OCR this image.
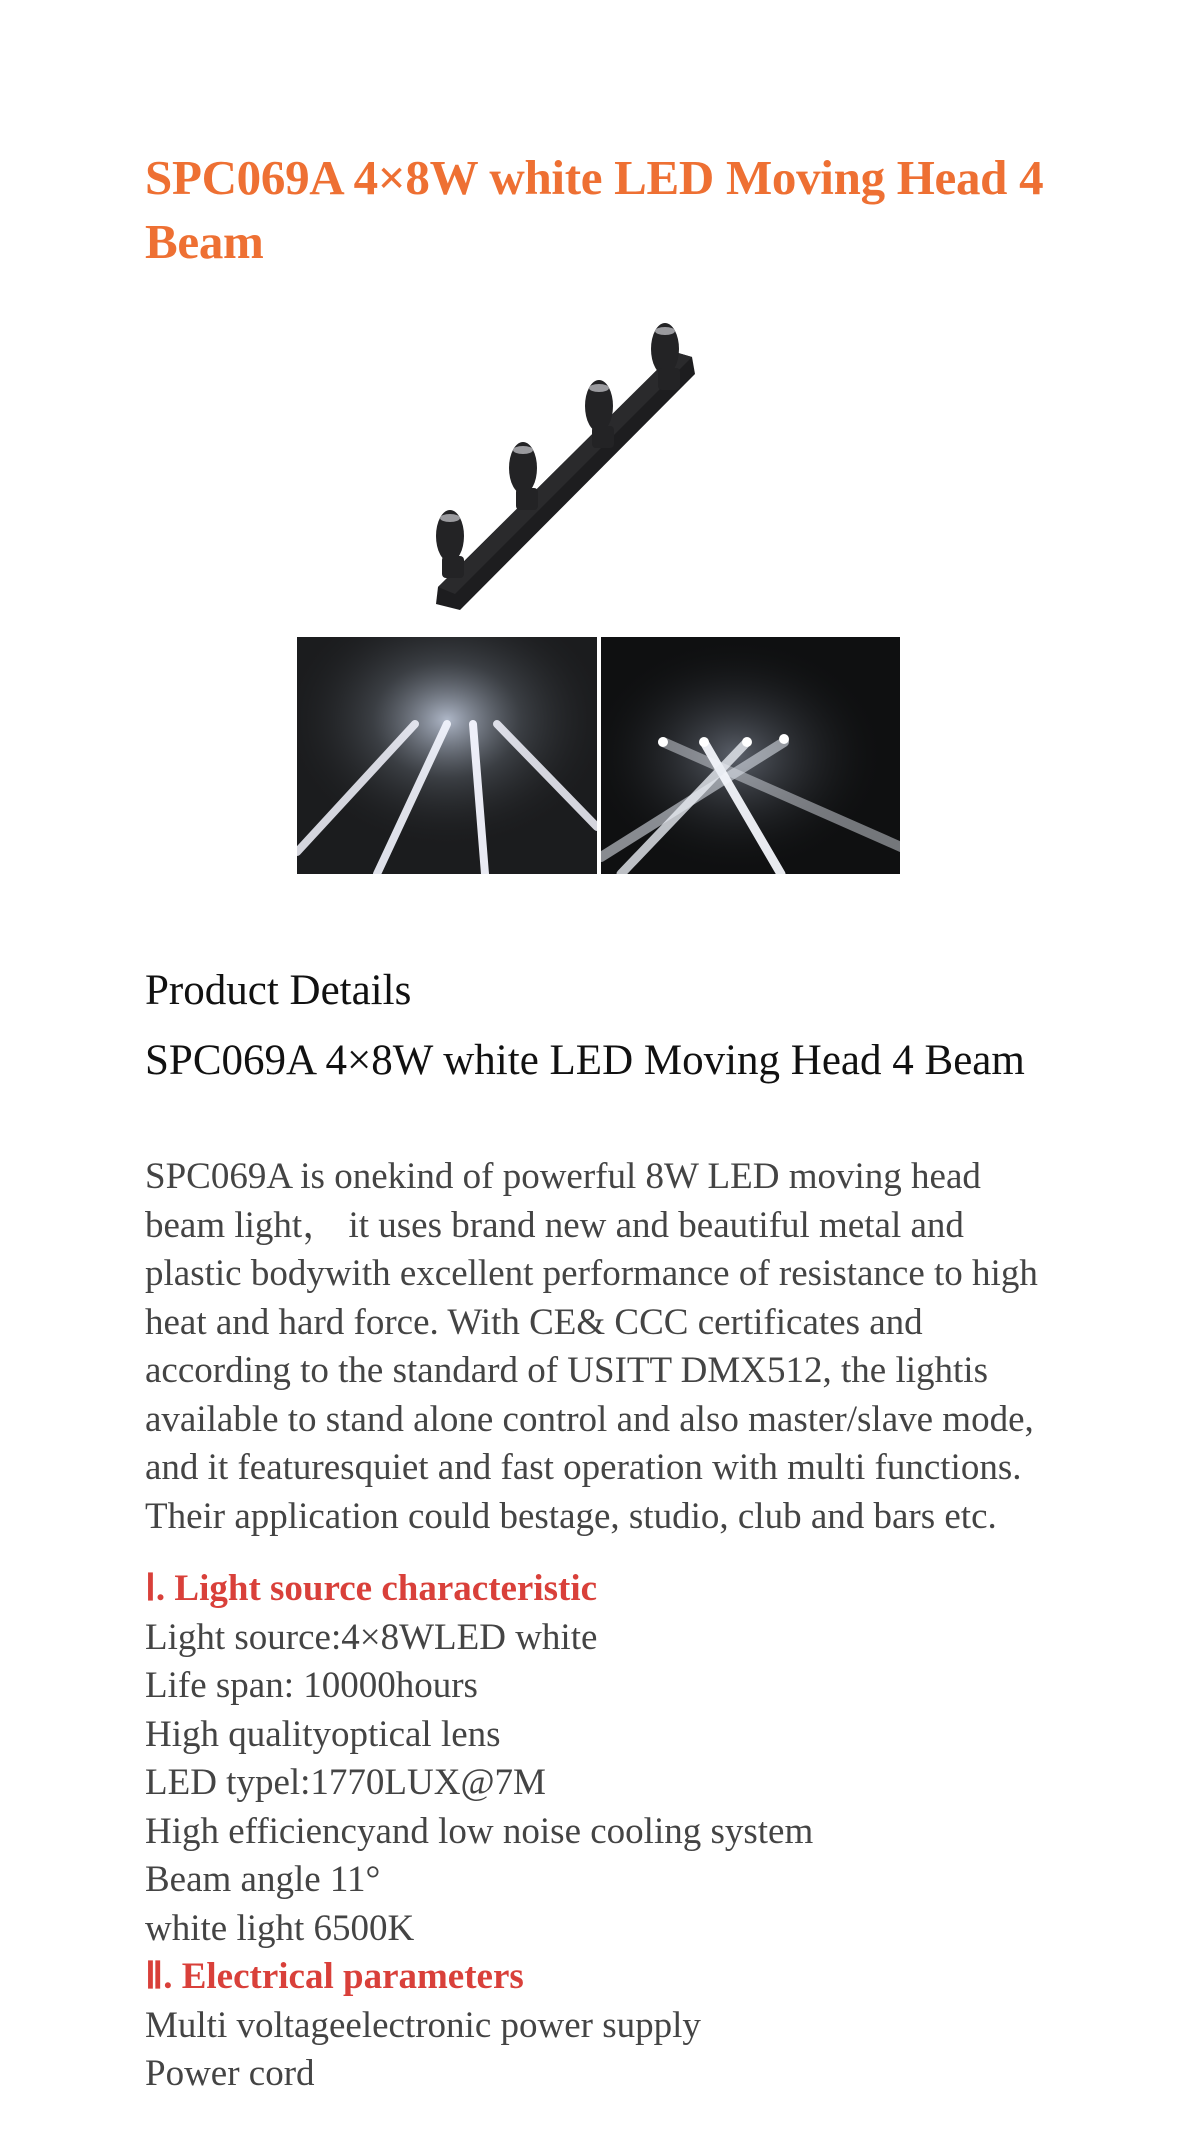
SPC069A 4×8W white LED Moving Head 4 Beam
Product Details
SPC069A 4×8W white LED Moving Head 4 Beam

SPC069A is onekind of powerful 8W LED moving head beam light， it uses brand new and beautiful metal and plastic bodywith excellent performance of resistance to high heat and hard force. With CE& CCC certificates and according to the standard of USITT DMX512, the lightis available to stand alone control and also master/slave mode, and it featuresquiet and fast operation with multi functions. Their application could bestage, studio, club and bars etc.

Ⅰ. Light source characteristic

Light source:4×8WLED white

Life span: 10000hours

High qualityoptical lens

LED typel:1770LUX@7M

High efficiencyand low noise cooling system

Beam angle 11°

white light 6500K

Ⅱ. Electrical parameters

Multi voltageelectronic power supply

Power cord
